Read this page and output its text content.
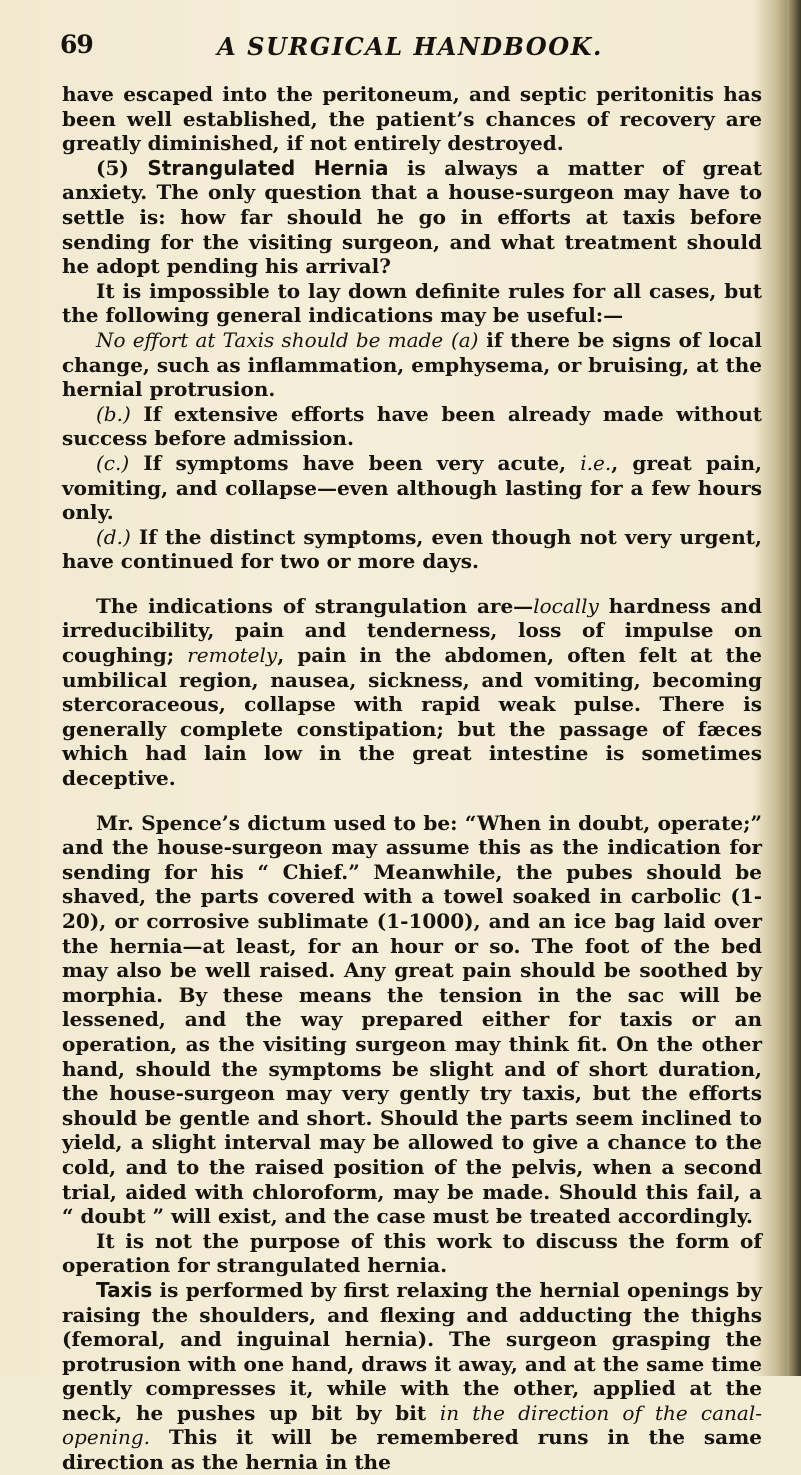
69	A SURGICAL HANDBOOK.

have escaped into the peritoneum, and septic peritonitis has been well established, the patient’s chances of recovery are greatly diminished, if not entirely destroyed.

(5) Strangulated Hernia is always a matter of great anxiety. The only question that a house-surgeon may have to settle is: how far should he go in efforts at taxis before sending for the visiting surgeon, and what treatment should he adopt pending his arrival?

It is impossible to lay down definite rules for all cases, but the following general indications may be useful:—

No effort at Taxis should be made (a) if there be signs of local change, such as inflammation, emphysema, or bruising, at the hernial protrusion.

(b.) If extensive efforts have been already made without success before admission.

(c.) If symptoms have been very acute, i.e., great pain, vomiting, and collapse—even although lasting for a few hours only.

(d.) If the distinct symptoms, even though not very urgent, have continued for two or more days.

The indications of strangulation are—locally hardness and irreducibility, pain and tenderness, loss of impulse on coughing; remotely, pain in the abdomen, often felt at the umbilical region, nausea, sickness, and vomiting, becoming stercoraceous, collapse with rapid weak pulse. There is generally complete constipation; but the passage of fæces which had lain low in the great intestine is sometimes deceptive.

Mr. Spence’s dictum used to be: “When in doubt, operate;” and the house-surgeon may assume this as the indication for sending for his “ Chief.” Meanwhile, the pubes should be shaved, the parts covered with a towel soaked in carbolic (1-20), or corrosive sublimate (1-1000), and an ice bag laid over the hernia—at least, for an hour or so. The foot of the bed may also be well raised. Any great pain should be soothed by morphia. By these means the tension in the sac will be lessened, and the way prepared either for taxis or an operation, as the visiting surgeon may think fit. On the other hand, should the symptoms be slight and of short duration, the house-surgeon may very gently try taxis, but the efforts should be gentle and short. Should the parts seem inclined to yield, a slight interval may be allowed to give a chance to the cold, and to the raised position of the pelvis, when a second trial, aided with chloroform, may be made. Should this fail, a “ doubt ” will exist, and the case must be treated accordingly.

It is not the purpose of this work to discuss the form of operation for strangulated hernia.

Taxis is performed by first relaxing the hernial openings by raising the shoulders, and flexing and adducting the thighs (femoral, and inguinal hernia). The surgeon grasping the protrusion with one hand, draws it away, and at the same time gently compresses it, while with the other, applied at the neck, he pushes up bit by bit in the direction of the canal-opening. This it will be remembered runs in the same direction as the hernia in the
